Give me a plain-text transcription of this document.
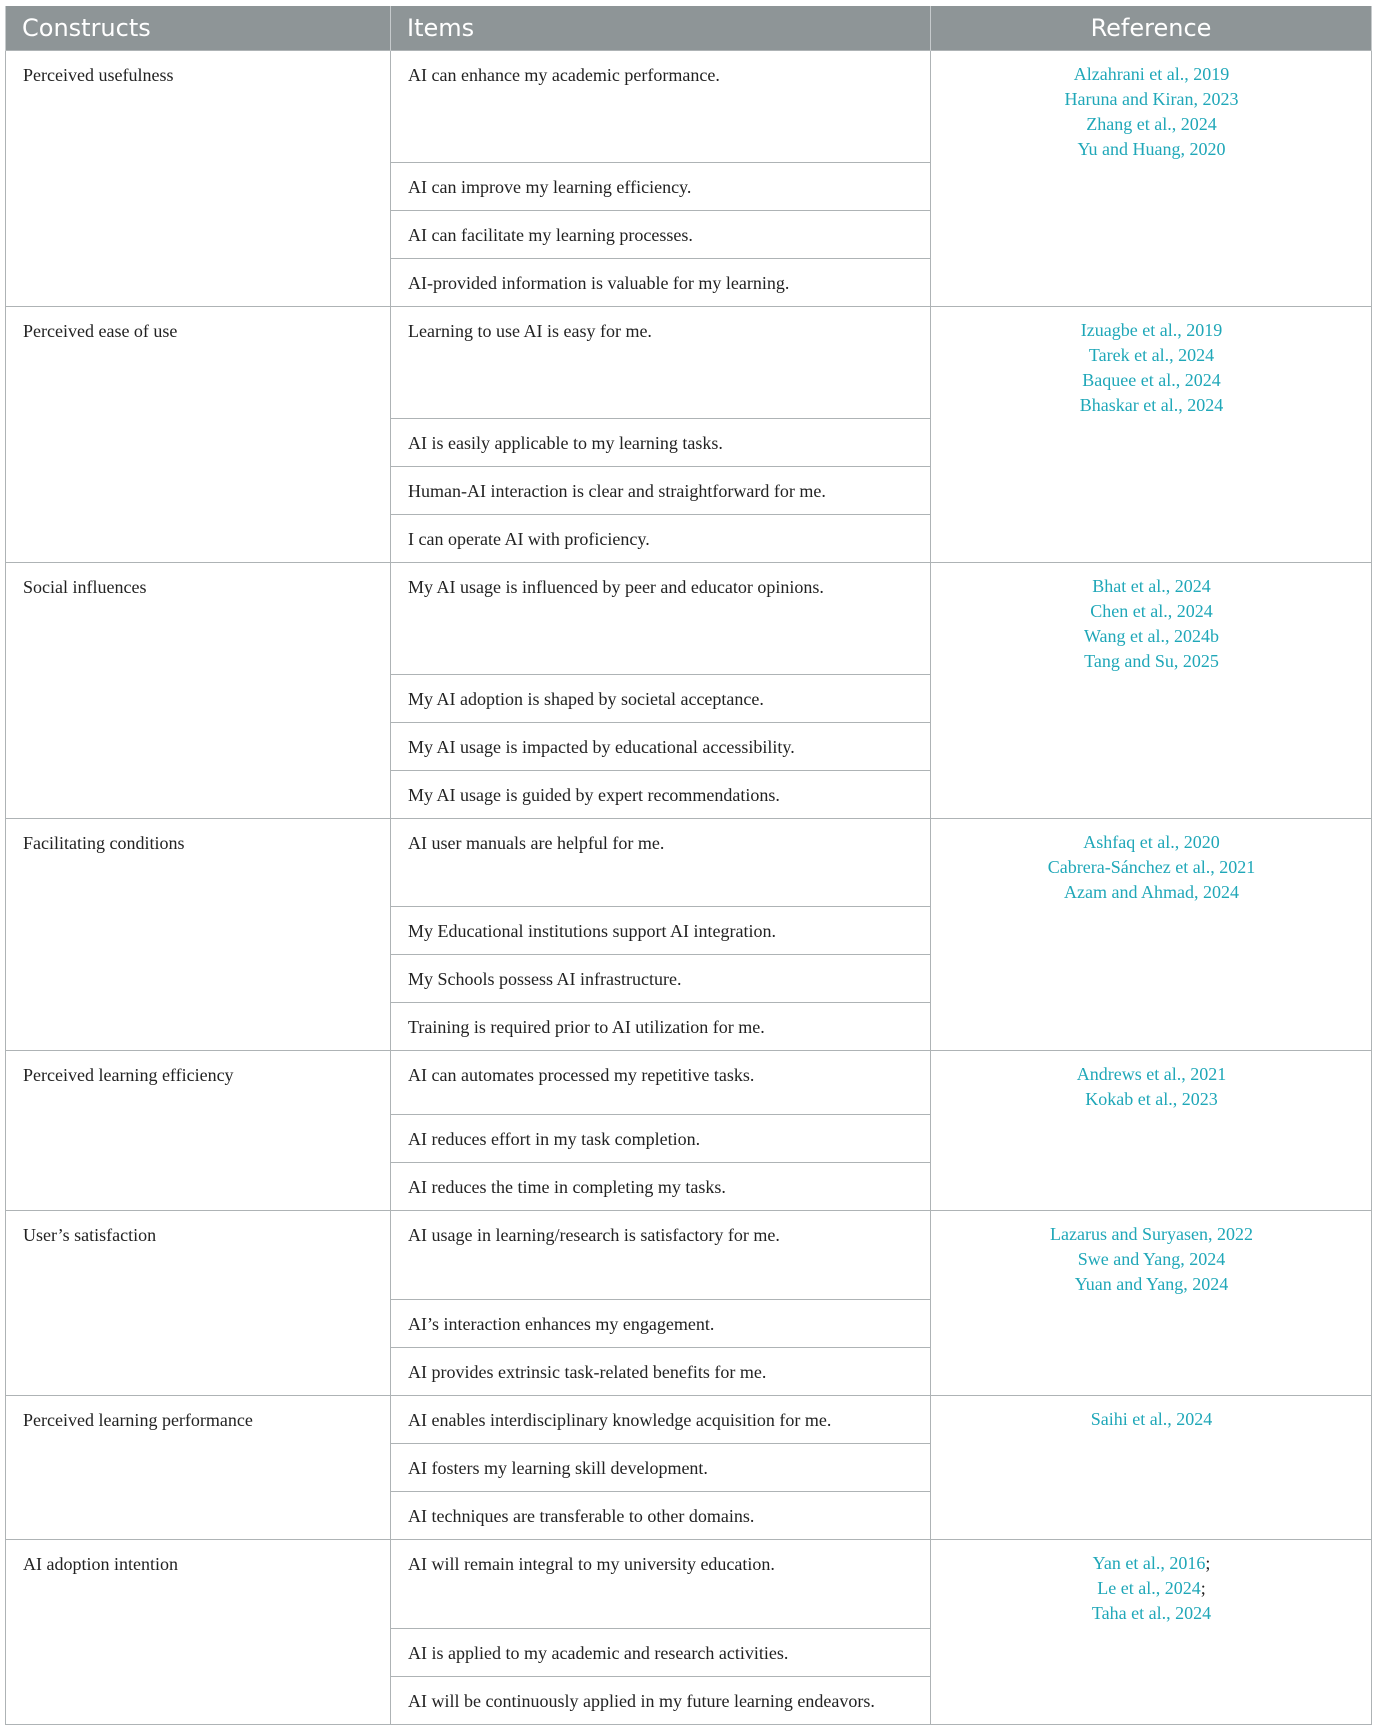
Constructs	Items	Reference
Perceived usefulness	AI can enhance my academic performance.	Alzahrani et al., 2019
Haruna and Kiran, 2023
Zhang et al., 2024
Yu and Huang, 2020

	AI can improve my learning efficiency.	
	AI can facilitate my learning processes.	
	AI-provided information is valuable for my learning.	
Perceived ease of use	Learning to use AI is easy for me.	Izuagbe et al., 2019
Tarek et al., 2024
Baquee et al., 2024
Bhaskar et al., 2024

	AI is easily applicable to my learning tasks.	
	Human-AI interaction is clear and straightforward for me.	
	I can operate AI with proficiency.	
Social influences	My AI usage is influenced by peer and educator opinions.	Bhat et al., 2024
Chen et al., 2024
Wang et al., 2024b
Tang and Su, 2025

	My AI adoption is shaped by societal acceptance.	
	My AI usage is impacted by educational accessibility.	
	My AI usage is guided by expert recommendations.	
Facilitating conditions	AI user manuals are helpful for me.	Ashfaq et al., 2020
Cabrera-Sánchez et al., 2021
Azam and Ahmad, 2024

	My Educational institutions support AI integration.	
	My Schools possess AI infrastructure.	
	Training is required prior to AI utilization for me.	
Perceived learning efficiency	AI can automates processed my repetitive tasks.	Andrews et al., 2021
Kokab et al., 2023

	AI reduces effort in my task completion.	
	AI reduces the time in completing my tasks.	
User’s satisfaction	AI usage in learning/research is satisfactory for me.	Lazarus and Suryasen, 2022
Swe and Yang, 2024
Yuan and Yang, 2024

	AI’s interaction enhances my engagement.	
	AI provides extrinsic task-related benefits for me.	
Perceived learning performance	AI enables interdisciplinary knowledge acquisition for me.	Saihi et al., 2024

	AI fosters my learning skill development.	
	AI techniques are transferable to other domains.	
AI adoption intention	AI will remain integral to my university education.	Yan et al., 2016;
Le et al., 2024;
Taha et al., 2024

	AI is applied to my academic and research activities.	
	AI will be continuously applied in my future learning endeavors.	
